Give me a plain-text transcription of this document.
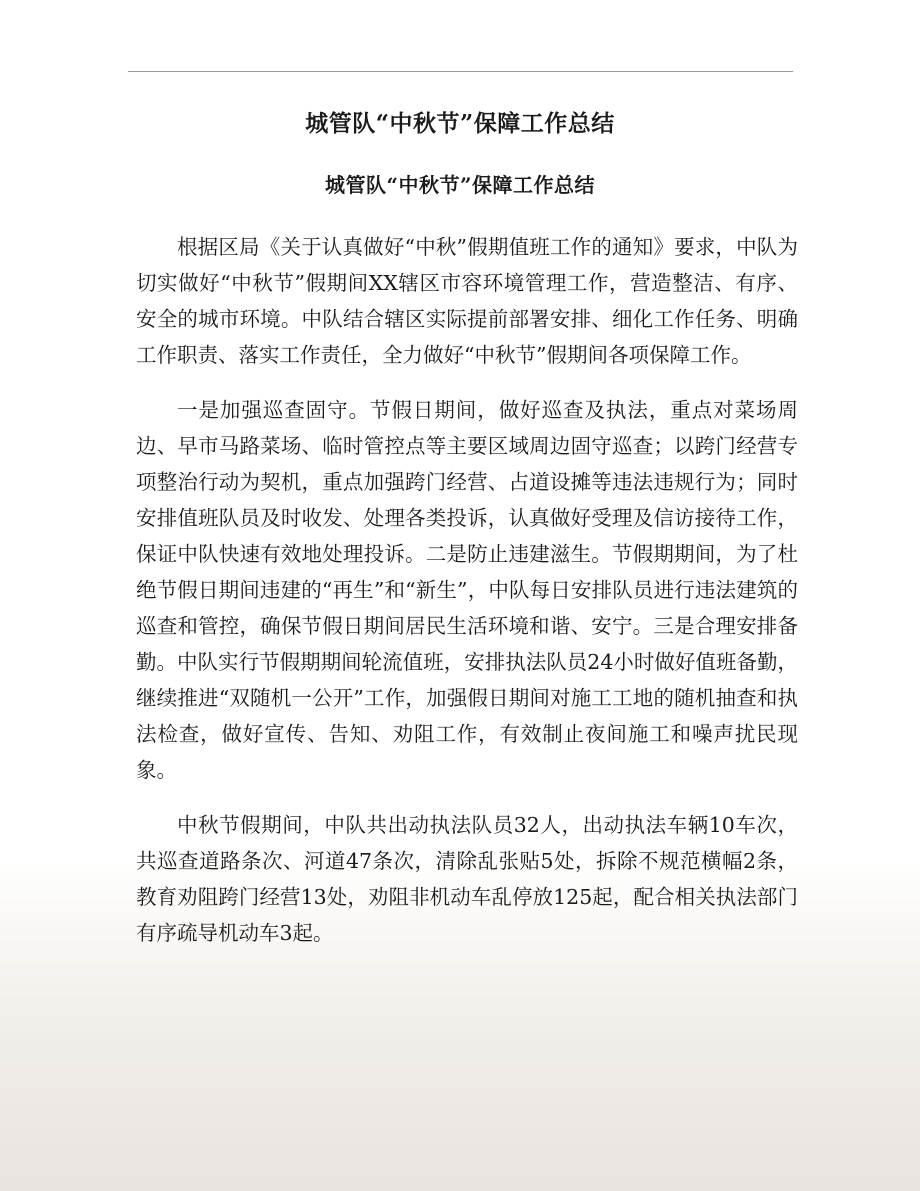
城管队“中秋节”保障工作总结
城管队“中秋节”保障工作总结

根据区局《关于认真做好“中秋”假期值班工作的通知》要求，中队为切实做好“中秋节”假期间XX辖区市容环境管理工作，营造整洁、有序、安全的城市环境。中队结合辖区实际提前部署安排、细化工作任务、明确工作职责、落实工作责任，全力做好“中秋节”假期间各项保障工作。

一是加强巡查固守。节假日期间，做好巡查及执法，重点对菜场周边、早市马路菜场、临时管控点等主要区域周边固守巡查；以跨门经营专项整治行动为契机，重点加强跨门经营、占道设摊等违法违规行为；同时安排值班队员及时收发、处理各类投诉，认真做好受理及信访接待工作，保证中队快速有效地处理投诉。二是防止违建滋生。节假期期间，为了杜绝节假日期间违建的“再生”和“新生”，中队每日安排队员进行违法建筑的巡查和管控，确保节假日期间居民生活环境和谐、安宁。三是合理安排备勤。中队实行节假期期间轮流值班，安排执法队员24小时做好值班备勤，继续推进“双随机一公开”工作，加强假日期间对施工工地的随机抽查和执法检查，做好宣传、告知、劝阻工作，有效制止夜间施工和噪声扰民现象。

中秋节假期间，中队共出动执法队员32人，出动执法车辆10车次，共巡查道路条次、河道47条次，清除乱张贴5处，拆除不规范横幅2条，教育劝阻跨门经营13处，劝阻非机动车乱停放125起，配合相关执法部门有序疏导机动车3起。
